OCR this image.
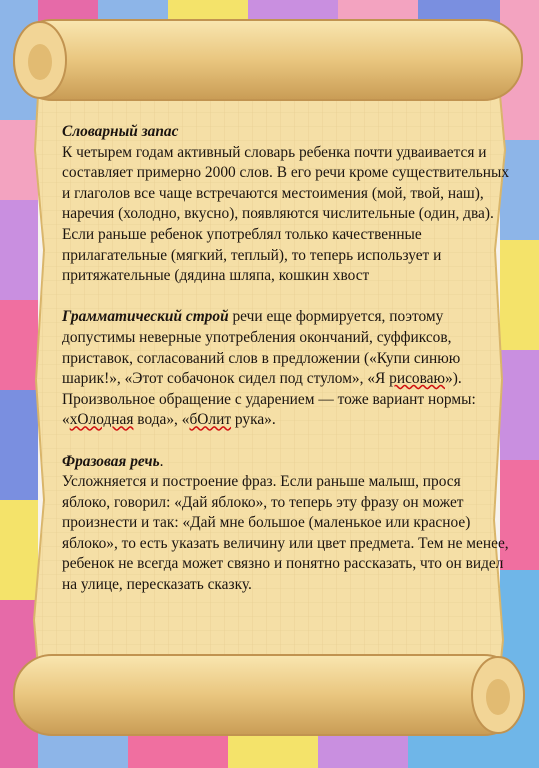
Словарный запас

К четырем годам активный словарь ребенка почти удваивается и составляет примерно 2000 слов. В его речи кроме существительных и глаголов все чаще встречаются местоимения (мой, твой, наш), наречия (холодно, вкусно), появляются числительные (один, два). Если раньше ребенок употреблял только качественные прилагательные (мягкий, теплый), то теперь использует и притяжательные (дядина шляпа, кошкин хвост

Грамматический строй речи еще формируется, поэтому допустимы неверные употребления окончаний, суффиксов, приставок, согласований слов в предложении («Купи синюю шарик!», «Этот собачонок сидел под стулом», «Я рисоваю»). Произвольное обращение с ударением — тоже вариант нормы: «хОлодная вода», «бОлит рука».

Фразовая речь.

Усложняется и построение фраз. Если раньше малыш, прося яблоко, говорил: «Дай яблоко», то теперь эту фразу он может произнести и так: «Дай мне большое (маленькое или красное) яблоко», то есть указать величину или цвет предмета. Тем не менее, ребенок не всегда может связно и понятно рассказать, что он видел на улице, пересказать сказку.
